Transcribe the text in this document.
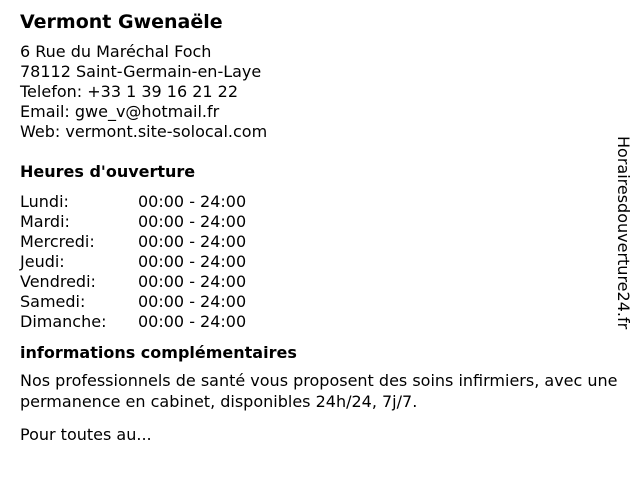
Vermont Gwenaële
6 Rue du Maréchal Foch
78112 Saint-Germain-en-Laye
Telefon: +33 1 39 16 21 22
Email: gwe_v@hotmail.fr
Web: vermont.site-solocal.com
Heures d'ouverture
Lundi:	00:00 - 24:00
Mardi:	00:00 - 24:00
Mercredi:	00:00 - 24:00
Jeudi:	00:00 - 24:00
Vendredi:	00:00 - 24:00
Samedi:	00:00 - 24:00
Dimanche:	00:00 - 24:00
informations complémentaires
Nos professionnels de santé vous proposent des soins infirmiers, avec une permanence en cabinet, disponibles 24h/24, 7j/7.
Pour toutes au...
Horairesdouverture24.fr
